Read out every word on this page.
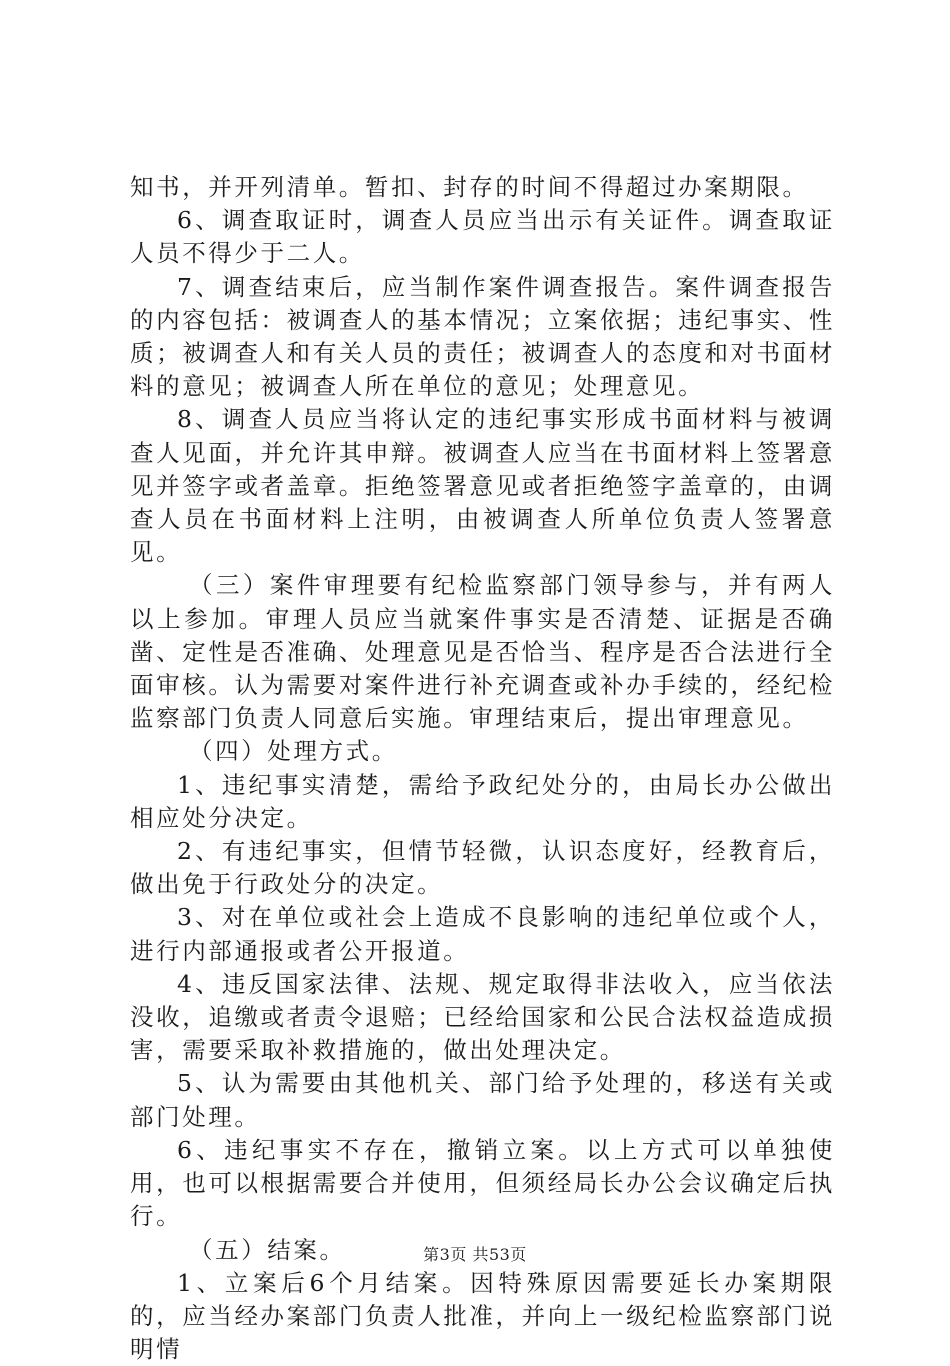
知书，并开列清单。暂扣、封存的时间不得超过办案期限。

6、调查取证时，调查人员应当出示有关证件。调查取证人员不得少于二人。

7、调查结束后，应当制作案件调查报告。案件调查报告的内容包括：被调查人的基本情况；立案依据；违纪事实、性质；被调查人和有关人员的责任；被调查人的态度和对书面材料的意见；被调查人所在单位的意见；处理意见。

8、调查人员应当将认定的违纪事实形成书面材料与被调查人见面，并允许其申辩。被调查人应当在书面材料上签署意见并签字或者盖章。拒绝签署意见或者拒绝签字盖章的，由调查人员在书面材料上注明，由被调查人所单位负责人签署意见。

（三）案件审理要有纪检监察部门领导参与，并有两人以上参加。审理人员应当就案件事实是否清楚、证据是否确凿、定性是否准确、处理意见是否恰当、程序是否合法进行全面审核。认为需要对案件进行补充调查或补办手续的，经纪检监察部门负责人同意后实施。审理结束后，提出审理意见。

（四）处理方式。

1、违纪事实清楚，需给予政纪处分的，由局长办公做出相应处分决定。

2、有违纪事实，但情节轻微，认识态度好，经教育后，做出免于行政处分的决定。

3、对在单位或社会上造成不良影响的违纪单位或个人，进行内部通报或者公开报道。

4、违反国家法律、法规、规定取得非法收入，应当依法没收，追缴或者责令退赔；已经给国家和公民合法权益造成损害，需要采取补救措施的，做出处理决定。

5、认为需要由其他机关、部门给予处理的，移送有关或部门处理。

6、违纪事实不存在，撤销立案。以上方式可以单独使用，也可以根据需要合并使用，但须经局长办公会议确定后执行。

（五）结案。

1、立案后6个月结案。因特殊原因需要延长办案期限的，应当经办案部门负责人批准，并向上一级纪检监察部门说明情

第3页 共53页
